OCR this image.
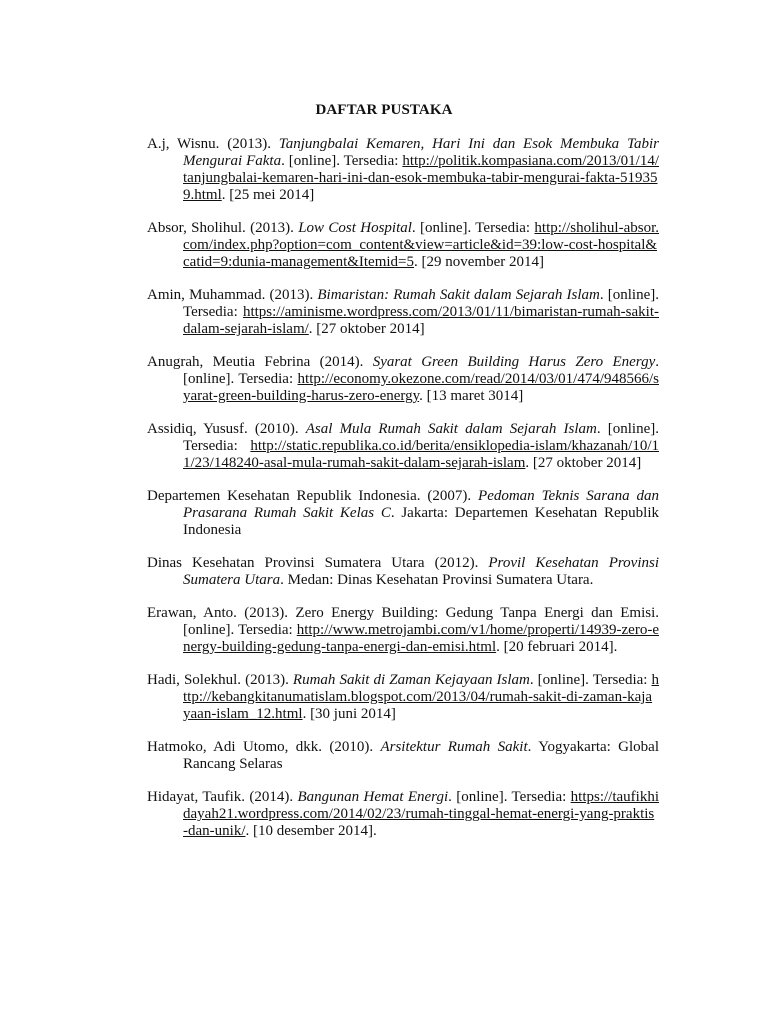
DAFTAR PUSTAKA

A.j, Wisnu. (2013). Tanjungbalai Kemaren, Hari Ini dan Esok Membuka Tabir Mengurai Fakta. [online]. Tersedia: http://politik.kompasiana.com/2013/01/14/tanjungbalai-kemaren-hari-ini-dan-esok-membuka-tabir-mengurai-fakta-519359.html. [25 mei 2014]

Absor, Sholihul. (2013). Low Cost Hospital. [online]. Tersedia: http://sholihul-absor.com/index.php?option=com_content&view=article&id=39:low-cost-hospital&catid=9:dunia-management&Itemid=5. [29 november 2014]

Amin, Muhammad. (2013). Bimaristan: Rumah Sakit dalam Sejarah Islam. [online]. Tersedia: https://aminisme.wordpress.com/2013/01/11/bimaristan-rumah-sakit-dalam-sejarah-islam/. [27 oktober 2014]

Anugrah, Meutia Febrina (2014). Syarat Green Building Harus Zero Energy. [online]. Tersedia: http://economy.okezone.com/read/2014/03/01/474/948566/syarat-green-building-harus-zero-energy. [13 maret 3014]

Assidiq, Yususf. (2010). Asal Mula Rumah Sakit dalam Sejarah Islam. [online]. Tersedia: http://static.republika.co.id/berita/ensiklopedia-islam/khazanah/10/11/23/148240-asal-mula-rumah-sakit-dalam-sejarah-islam. [27 oktober 2014]

Departemen Kesehatan Republik Indonesia. (2007). Pedoman Teknis Sarana dan Prasarana Rumah Sakit Kelas C. Jakarta: Departemen Kesehatan Republik Indonesia

Dinas Kesehatan Provinsi Sumatera Utara (2012). Provil Kesehatan Provinsi Sumatera Utara. Medan: Dinas Kesehatan Provinsi Sumatera Utara.

Erawan, Anto. (2013). Zero Energy Building: Gedung Tanpa Energi dan Emisi. [online]. Tersedia: http://www.metrojambi.com/v1/home/properti/14939-zero-energy-building-gedung-tanpa-energi-dan-emisi.html. [20 februari 2014].

Hadi, Solekhul. (2013). Rumah Sakit di Zaman Kejayaan Islam. [online]. Tersedia: http://kebangkitanumatislam.blogspot.com/2013/04/rumah-sakit-di-zaman-kajayaan-islam_12.html. [30 juni 2014]

Hatmoko, Adi Utomo, dkk. (2010). Arsitektur Rumah Sakit. Yogyakarta: Global Rancang Selaras

Hidayat, Taufik. (2014). Bangunan Hemat Energi. [online]. Tersedia: https://taufikhidayah21.wordpress.com/2014/02/23/rumah-tinggal-hemat-energi-yang-praktis-dan-unik/. [10 desember 2014].
